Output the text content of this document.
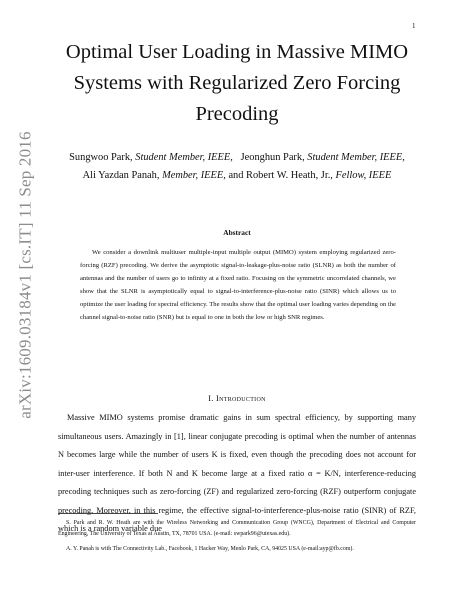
1
arXiv:1609.03184v1 [cs.IT] 11 Sep 2016
Optimal User Loading in Massive MIMO Systems with Regularized Zero Forcing Precoding
Sungwoo Park, Student Member, IEEE, Jeonghun Park, Student Member, IEEE,
Ali Yazdan Panah, Member, IEEE, and Robert W. Heath, Jr., Fellow, IEEE
Abstract

We consider a downlink multiuser multiple-input multiple output (MIMO) system employing regularized zero-forcing (RZF) precoding. We derive the asymptotic signal-to-leakage-plus-noise ratio (SLNR) as both the number of antennas and the number of users go to infinity at a fixed ratio. Focusing on the symmetric uncorrelated channels, we show that the SLNR is asymptotically equal to signal-to-interference-plus-noise ratio (SINR) which allows us to optimize the user loading for spectral efficiency. The results show that the optimal user loading varies depending on the channel signal-to-noise ratio (SNR) but is equal to one in both the low or high SNR regimes.

I. Introduction

Massive MIMO systems promise dramatic gains in sum spectral efficiency, by supporting many simultaneous users. Amazingly in [1], linear conjugate precoding is optimal when the number of antennas N becomes large while the number of users K is fixed, even though the precoding does not account for inter-user interference. If both N and K become large at a fixed ratio α = K/N, interference-reducing precoding techniques such as zero-forcing (ZF) and regularized zero-forcing (RZF) outperform conjugate precoding. Moreover, in this regime, the effective signal-to-interference-plus-noise ratio (SINR) of RZF, which is a random variable due

S. Park and R. W. Heath are with the Wireless Networking and Communication Group (WNCG), Department of Electrical and Computer Engineering, The University of Texas at Austin, TX, 78701 USA. (e-mail: swpark96@utexas.edu).

A. Y. Panah is with The Connectivity Lab., Facebook, 1 Hacker Way, Menlo Park, CA, 94025 USA (e-mail:ayp@fb.com).
